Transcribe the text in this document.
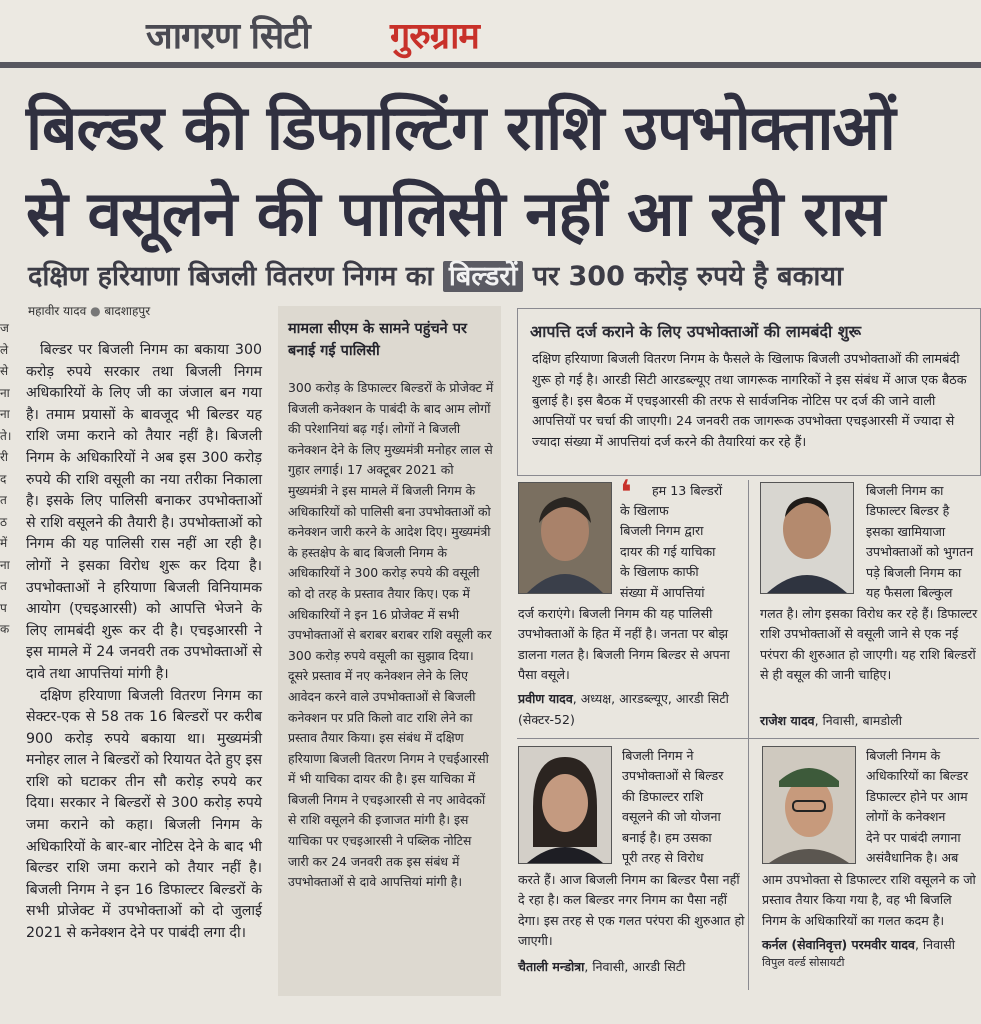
जागरण सिटी गुरुग्राम
बिल्डर की डिफाल्टिंग राशि उपभोक्ताओं
से वसूलने की पालिसी नहीं आ रही रास
दक्षिण हरियाणा बिजली वितरण निगम का बिल्डरों पर 300 करोड़ रुपये है बकाया
महावीर यादव ● बादशाहपुर
ज
ले
से
ना
ना
ते।
री
द
त
ठ
में
ना
त
प
क

बिल्डर पर बिजली निगम का बकाया 300 करोड़ रुपये सरकार तथा बिजली निगम अधिकारियों के लिए जी का जंजाल बन गया है। तमाम प्रयासों के बावजूद भी बिल्डर यह राशि जमा कराने को तैयार नहीं है। बिजली निगम के अधिकारियों ने अब इस 300 करोड़ रुपये की राशि वसूली का नया तरीका निकाला है। इसके लिए पालिसी बनाकर उपभोक्ताओं से राशि वसूलने की तैयारी है। उपभोक्ताओं को निगम की यह पालिसी रास नहीं आ रही है। लोगों ने इसका विरोध शुरू कर दिया है। उपभोक्ताओं ने हरियाणा बिजली विनियामक आयोग (एचइआरसी) को आपत्ति भेजने के लिए लामबंदी शुरू कर दी है। एचइआरसी ने इस मामले में 24 जनवरी तक उपभोक्ताओं से दावे तथा आपत्तियां मांगी है।

दक्षिण हरियाणा बिजली वितरण निगम का सेक्टर-एक से 58 तक 16 बिल्डरों पर करीब 900 करोड़ रुपये बकाया था। मुख्यमंत्री मनोहर लाल ने बिल्डरों को रियायत देते हुए इस राशि को घटाकर तीन सौ करोड़ रुपये कर दिया। सरकार ने बिल्डरों से 300 करोड़ रुपये जमा कराने को कहा। बिजली निगम के अधिकारियों के बार-बार नोटिस देने के बाद भी बिल्डर राशि जमा कराने को तैयार नहीं है। बिजली निगम ने इन 16 डिफाल्टर बिल्डरों के सभी प्रोजेक्ट में उपभोक्ताओं को दो जुलाई 2021 से कनेक्शन देने पर पाबंदी लगा दी।

मामला सीएम के सामने पहुंचने पर बनाई गई पालिसी

300 करोड़ के डिफाल्टर बिल्डरों के प्रोजेक्ट में बिजली कनेक्शन के पाबंदी के बाद आम लोगों की परेशानियां बढ़ गई। लोगों ने बिजली कनेक्शन देने के लिए मुख्यमंत्री मनोहर लाल से गुहार लगाई। 17 अक्टूबर 2021 को मुख्यमंत्री ने इस मामले में बिजली निगम के अधिकारियों को पालिसी बना उपभोक्ताओं को कनेक्शन जारी करने के आदेश दिए। मुख्यमंत्री के हस्तक्षेप के बाद बिजली निगम के अधिकारियों ने 300 करोड़ रुपये की वसूली को दो तरह के प्रस्ताव तैयार किए। एक में अधिकारियों ने इन 16 प्रोजेक्ट में सभी उपभोक्ताओं से बराबर बराबर राशि वसूली कर 300 करोड़ रुपये वसूली का सुझाव दिया। दूसरे प्रस्ताव में नए कनेक्शन लेने के लिए आवेदन करने वाले उपभोक्ताओं से बिजली कनेक्शन पर प्रति किलो वाट राशि लेने का प्रस्ताव तैयार किया। इस संबंध में दक्षिण हरियाणा बिजली वितरण निगम ने एचईआरसी में भी याचिका दायर की है। इस याचिका में बिजली निगम ने एचइआरसी से नए आवेदकों से राशि वसूलने की इजाजत मांगी है। इस याचिका पर एचइआरसी ने पब्लिक नोटिस जारी कर 24 जनवरी तक इस संबंध में उपभोक्ताओं से दावे आपत्तियां मांगी है।

आपत्ति दर्ज कराने के लिए उपभोक्ताओं की लामबंदी शुरू
दक्षिण हरियाणा बिजली वितरण निगम के फैसले के खिलाफ बिजली उपभोक्ताओं की लामबंदी शुरू हो गई है। आरडी सिटी आरडब्ल्यूए तथा जागरूक नागरिकों ने इस संबंध में आज एक बैठक बुलाई है। इस बैठक में एचइआरसी की तरफ से सार्वजनिक नोटिस पर दर्ज की जाने वाली आपत्तियों पर चर्चा की जाएगी। 24 जनवरी तक जागरूक उपभोक्ता एचइआरसी में ज्यादा से ज्यादा संख्या में आपत्तियां दर्ज करने की तैयारियां कर रहे हैं।
❛ हम 13 बिल्डरों
के खिलाफ
बिजली निगम द्वारा
दायर की गई याचिका
के खिलाफ काफी
संख्या में आपत्तियां
दर्ज कराएंगे। बिजली निगम की यह पालिसी उपभोक्ताओं के हित में नहीं है। जनता पर बोझ डालना गलत है। बिजली निगम बिल्डर से अपना पैसा वसूले।
प्रवीण यादव, अध्यक्ष, आरडब्ल्यूए, आरडी सिटी
(सेक्टर-52)
बिजली निगम का
डिफाल्टर बिल्डर है
इसका खामियाजा
उपभोक्ताओं को भुगतन
पड़े बिजली निगम का
यह फैसला बिल्कुल
गलत है। लोग इसका विरोध कर रहे हैं। डिफाल्टर राशि उपभोक्ताओं से वसूली जाने से एक नई परंपरा की शुरुआत हो जाएगी। यह राशि बिल्डरों से ही वसूल की जानी चाहिए।
राजेश यादव, निवासी, बामडोली
बिजली निगम ने
उपभोक्ताओं से बिल्डर
की डिफाल्टर राशि
वसूलने की जो योजना
बनाई है। हम उसका
पूरी तरह से विरोध
करते हैं। आज बिजली निगम का बिल्डर पैसा नहीं दे रहा है। कल बिल्डर नगर निगम का पैसा नहीं देगा। इस तरह से एक गलत परंपरा की शुरुआत हो जाएगी।
चैताली मन्डोत्रा, निवासी, आरडी सिटी
बिजली निगम के
अधिकारियों का बिल्डर
डिफाल्टर होने पर आम
लोगों के कनेक्शन
देने पर पाबंदी लगाना
असंवैधानिक है। अब
आम उपभोक्ता से डिफाल्टर राशि वसूलने क जो प्रस्ताव तैयार किया गया है, वह भी बिजलि निगम के अधिकारियों का गलत कदम है।
कर्नल (सेवानिवृत्त) परमवीर यादव, निवासी
विपुल वर्ल्ड सोसायटी
